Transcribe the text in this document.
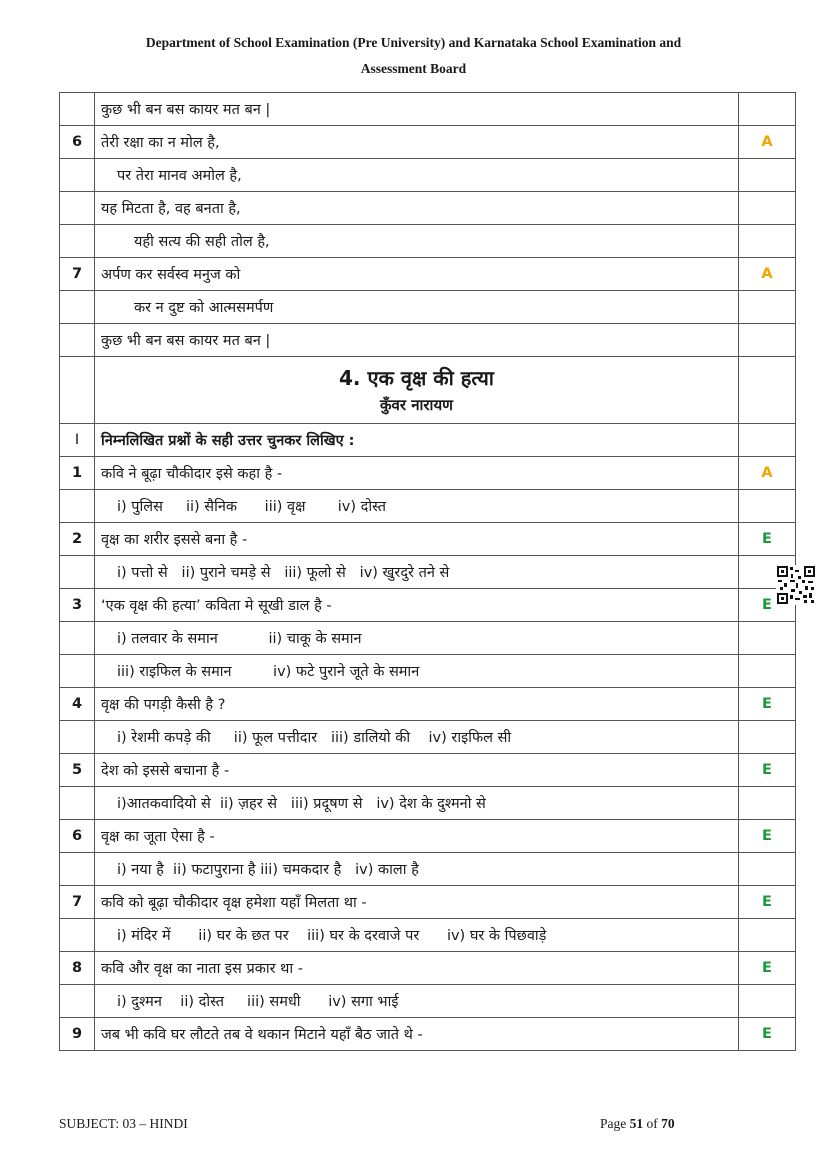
Department of School Examination (Pre University) and Karnataka School Examination and
Assessment Board
	कुछ भी बन बस कायर मत बन |	
6	तेरी रक्षा का न मोल है,	A
	पर तेरा मानव अमोल है,	
	यह मिटता है, वह बनता है,	
	यही सत्य की सही तोल है,	
7	अर्पण कर सर्वस्व मनुज को	A
	कर न दुष्ट को आत्मसमर्पण	
	कुछ भी बन बस कायर मत बन |	

	4. एक वृक्ष की हत्या
कुँवर नारायण	

I	निम्नलिखित प्रश्नों के सही उत्तर चुनकर लिखिए :	
1	कवि ने बूढ़ा चौकीदार इसे कहा है -	A
	i) पुलिस     ii) सैनिक      iii) वृक्ष       iv) दोस्त	
2	वृक्ष का शरीर इससे बना है -	E
	i) पत्तो से   ii) पुराने चमड़े से   iii) फूलो से   iv) खुरदुरे तने से	
3	‘एक वृक्ष की हत्या’ कविता मे सूखी डाल है -	E
	i) तलवार के समान           ii) चाकू के समान	
	iii) राइफिल के समान         iv) फटे पुराने जूते के समान	
4	वृक्ष की पगड़ी कैसी है ?	E
	i) रेशमी कपड़े की     ii) फूल पत्तीदार   iii) डालियो की    iv) राइफिल सी	
5	देश को इससे बचाना है -	E
	i)आतकवादियो से  ii) ज़हर से   iii) प्रदूषण से   iv) देश के दुश्मनो से	
6	वृक्ष का जूता ऐसा है -	E
	i) नया है  ii) फटापुराना है iii) चमकदार है   iv) काला है	
7	कवि को बूढ़ा चौकीदार वृक्ष हमेशा यहाँ मिलता था -	E
	i) मंदिर में      ii) घर के छत पर    iii) घर के दरवाजे पर      iv) घर के पिछवाड़े	
8	कवि और वृक्ष का नाता इस प्रकार था -	E
	i) दुश्मन    ii) दोस्त     iii) समधी      iv) सगा भाई	
9	जब भी कवि घर लौटते तब वे थकान मिटाने यहाँ बैठ जाते थे -	E
SUBJECT: 03 – HINDI	Page 51 of 70
